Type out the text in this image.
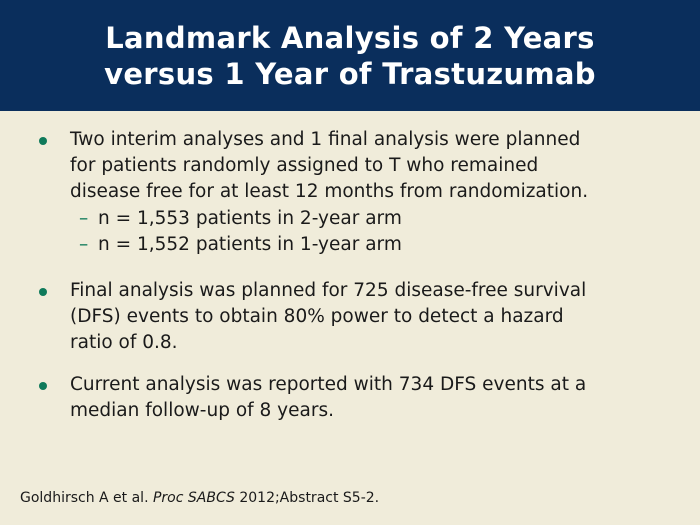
Landmark Analysis of 2 Years
versus 1 Year of Trastuzumab
Two interim analyses and 1 final analysis were planned
for patients randomly assigned to T who remained
disease free for at least 12 months from randomization.
– n = 1,553 patients in 2-year arm
– n = 1,552 patients in 1-year arm
Final analysis was planned for 725 disease-free survival
(DFS) events to obtain 80% power to detect a hazard
ratio of 0.8.
Current analysis was reported with 734 DFS events at a
median follow-up of 8 years.
Goldhirsch A et al. Proc SABCS 2012;Abstract S5-2.
